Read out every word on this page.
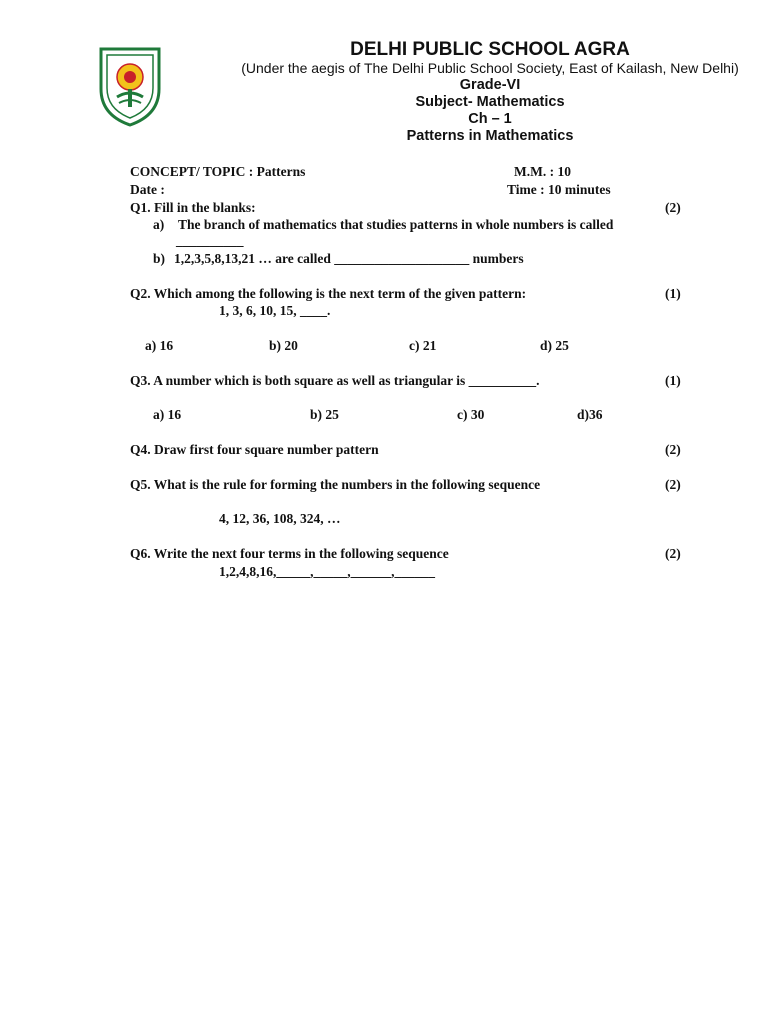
DELHI PUBLIC SCHOOL AGRA
(Under the aegis of The Delhi Public School Society, East of Kailash, New Delhi)
Grade-VI
Subject- Mathematics
Ch – 1
Patterns in Mathematics
CONCEPT/ TOPIC : Patterns	M.M. : 10
Date :	Time : 10 minutes
Q1. Fill in the blanks:	(2)
a) The branch of mathematics that studies patterns in whole numbers is called
__________
b) 1,2,3,5,8,13,21 … are called ____________________ numbers
Q2. Which among the following is the next term of the given pattern:	(1)
1, 3, 6, 10, 15, ____.
a) 16	b) 20	c) 21	d) 25
Q3. A number which is both square as well as triangular is __________.	(1)
a) 16	b) 25	c) 30	d)36
Q4. Draw first four square number pattern	(2)
Q5. What is the rule for forming the numbers in the following sequence	(2)
4, 12, 36, 108, 324, …
Q6. Write the next four terms in the following sequence	(2)
1,2,4,8,16,_____,_____,______,______
